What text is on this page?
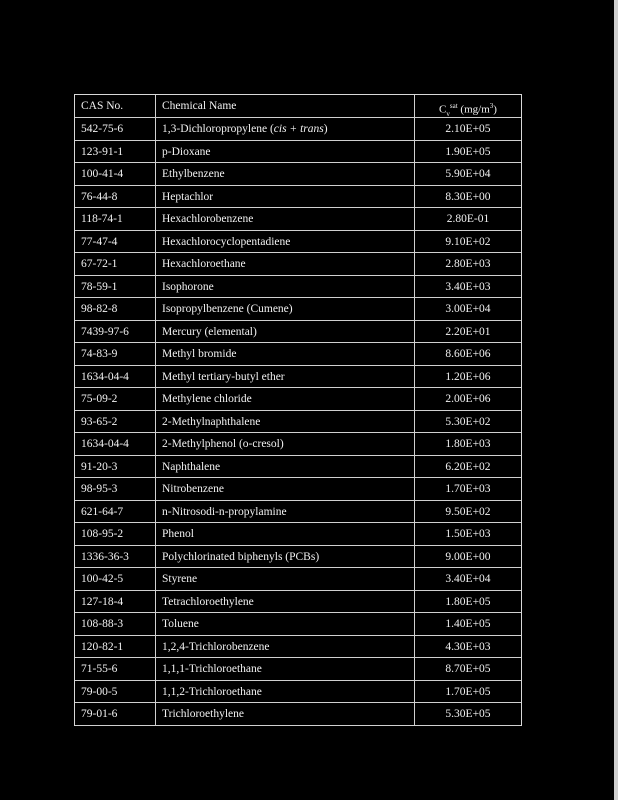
CAS No.	Chemical Name	$C_v^{sat}$ $(mg/m^3)$
542-75-6	1,3-Dichloropropylene (cis + trans)	2.10E+05
123-91-1	p-Dioxane	1.90E+05
100-41-4	Ethylbenzene	5.90E+04
76-44-8	Heptachlor	8.30E+00
118-74-1	Hexachlorobenzene	2.80E-01
77-47-4	Hexachlorocyclopentadiene	9.10E+02
67-72-1	Hexachloroethane	2.80E+03
78-59-1	Isophorone	3.40E+03
98-82-8	Isopropylbenzene (Cumene)	3.00E+04
7439-97-6	Mercury (elemental)	2.20E+01
74-83-9	Methyl bromide	8.60E+06
1634-04-4	Methyl tertiary-butyl ether	1.20E+06
75-09-2	Methylene chloride	2.00E+06
93-65-2	2-Methylnaphthalene	5.30E+02
1634-04-4	2-Methylphenol (o-cresol)	1.80E+03
91-20-3	Naphthalene	6.20E+02
98-95-3	Nitrobenzene	1.70E+03
621-64-7	n-Nitrosodi-n-propylamine	9.50E+02
108-95-2	Phenol	1.50E+03
1336-36-3	Polychlorinated biphenyls (PCBs)	9.00E+00
100-42-5	Styrene	3.40E+04
127-18-4	Tetrachloroethylene	1.80E+05
108-88-3	Toluene	1.40E+05
120-82-1	1,2,4-Trichlorobenzene	4.30E+03
71-55-6	1,1,1-Trichloroethane	8.70E+05
79-00-5	1,1,2-Trichloroethane	1.70E+05
79-01-6	Trichloroethylene	5.30E+05
